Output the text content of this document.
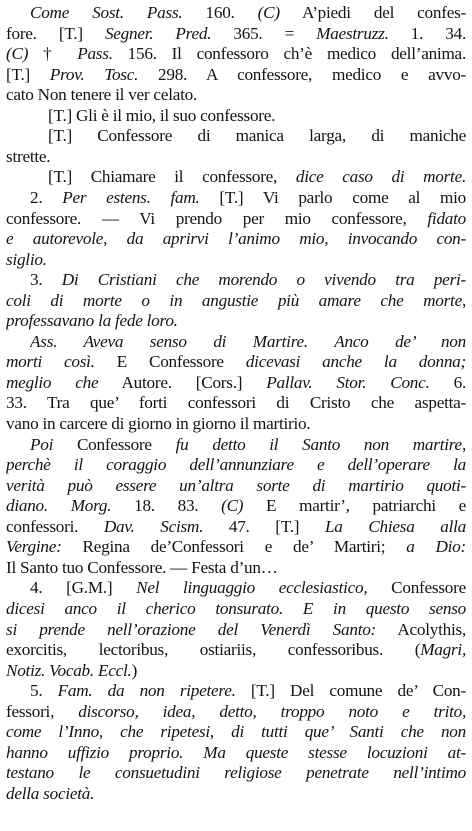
Come Sost. Pass. 160. (C) A’piedi del confes-
fore. [T.] Segner. Pred. 365. = Maestruzz. 1. 34.
(C) † Pass. 156. Il confessoro ch’è medico dell’anima.
[T.] Prov. Tosc. 298. A confessore, medico e avvo-
cato Non tenere il ver celato.
[T.] Gli è il mio, il suo confessore.
[T.] Confessore di manica larga, di maniche
strette.
[T.] Chiamare il confessore, dice caso di morte.
2. Per estens. fam. [T.] Vi parlo come al mio
confessore. — Vi prendo per mio confessore, fidato
e autorevole, da aprirvi l’animo mio, invocando con-
siglio.
3. Di Cristiani che morendo o vivendo tra peri-
coli di morte o in angustie più amare che morte,
professavano la fede loro.
Ass. Aveva senso di Martire. Anco de’ non
morti così. E Confessore dicevasi anche la donna;
meglio che Autore. [Cors.] Pallav. Stor. Conc. 6.
33. Tra que’ forti confessori di Cristo che aspetta-
vano in carcere di giorno in giorno il martirio.
Poi Confessore fu detto il Santo non martire,
perchè il coraggio dell’annunziare e dell’operare la
verità può essere un’altra sorte di martirio quoti-
diano. Morg. 18. 83. (C) E martir’, patriarchi e
confessori. Dav. Scism. 47. [T.] La Chiesa alla
Vergine: Regina de’Confessori e de’ Martiri; a Dio:
Il Santo tuo Confessore. — Festa d’un…
4. [G.M.] Nel linguaggio ecclesiastico, Confessore
dicesi anco il cherico tonsurato. E in questo senso
si prende nell’orazione del Venerdì Santo: Acolythis,
exorcitis, lectoribus, ostiariis, confessoribus. (Magri,
Notiz. Vocab. Eccl.)
5. Fam. da non ripetere. [T.] Del comune de’ Con-
fessori, discorso, idea, detto, troppo noto e trito,
come l’Inno, che ripetesi, di tutti que’ Santi che non
hanno uffizio proprio. Ma queste stesse locuzioni at-
testano le consuetudini religiose penetrate nell’intimo
della società.
